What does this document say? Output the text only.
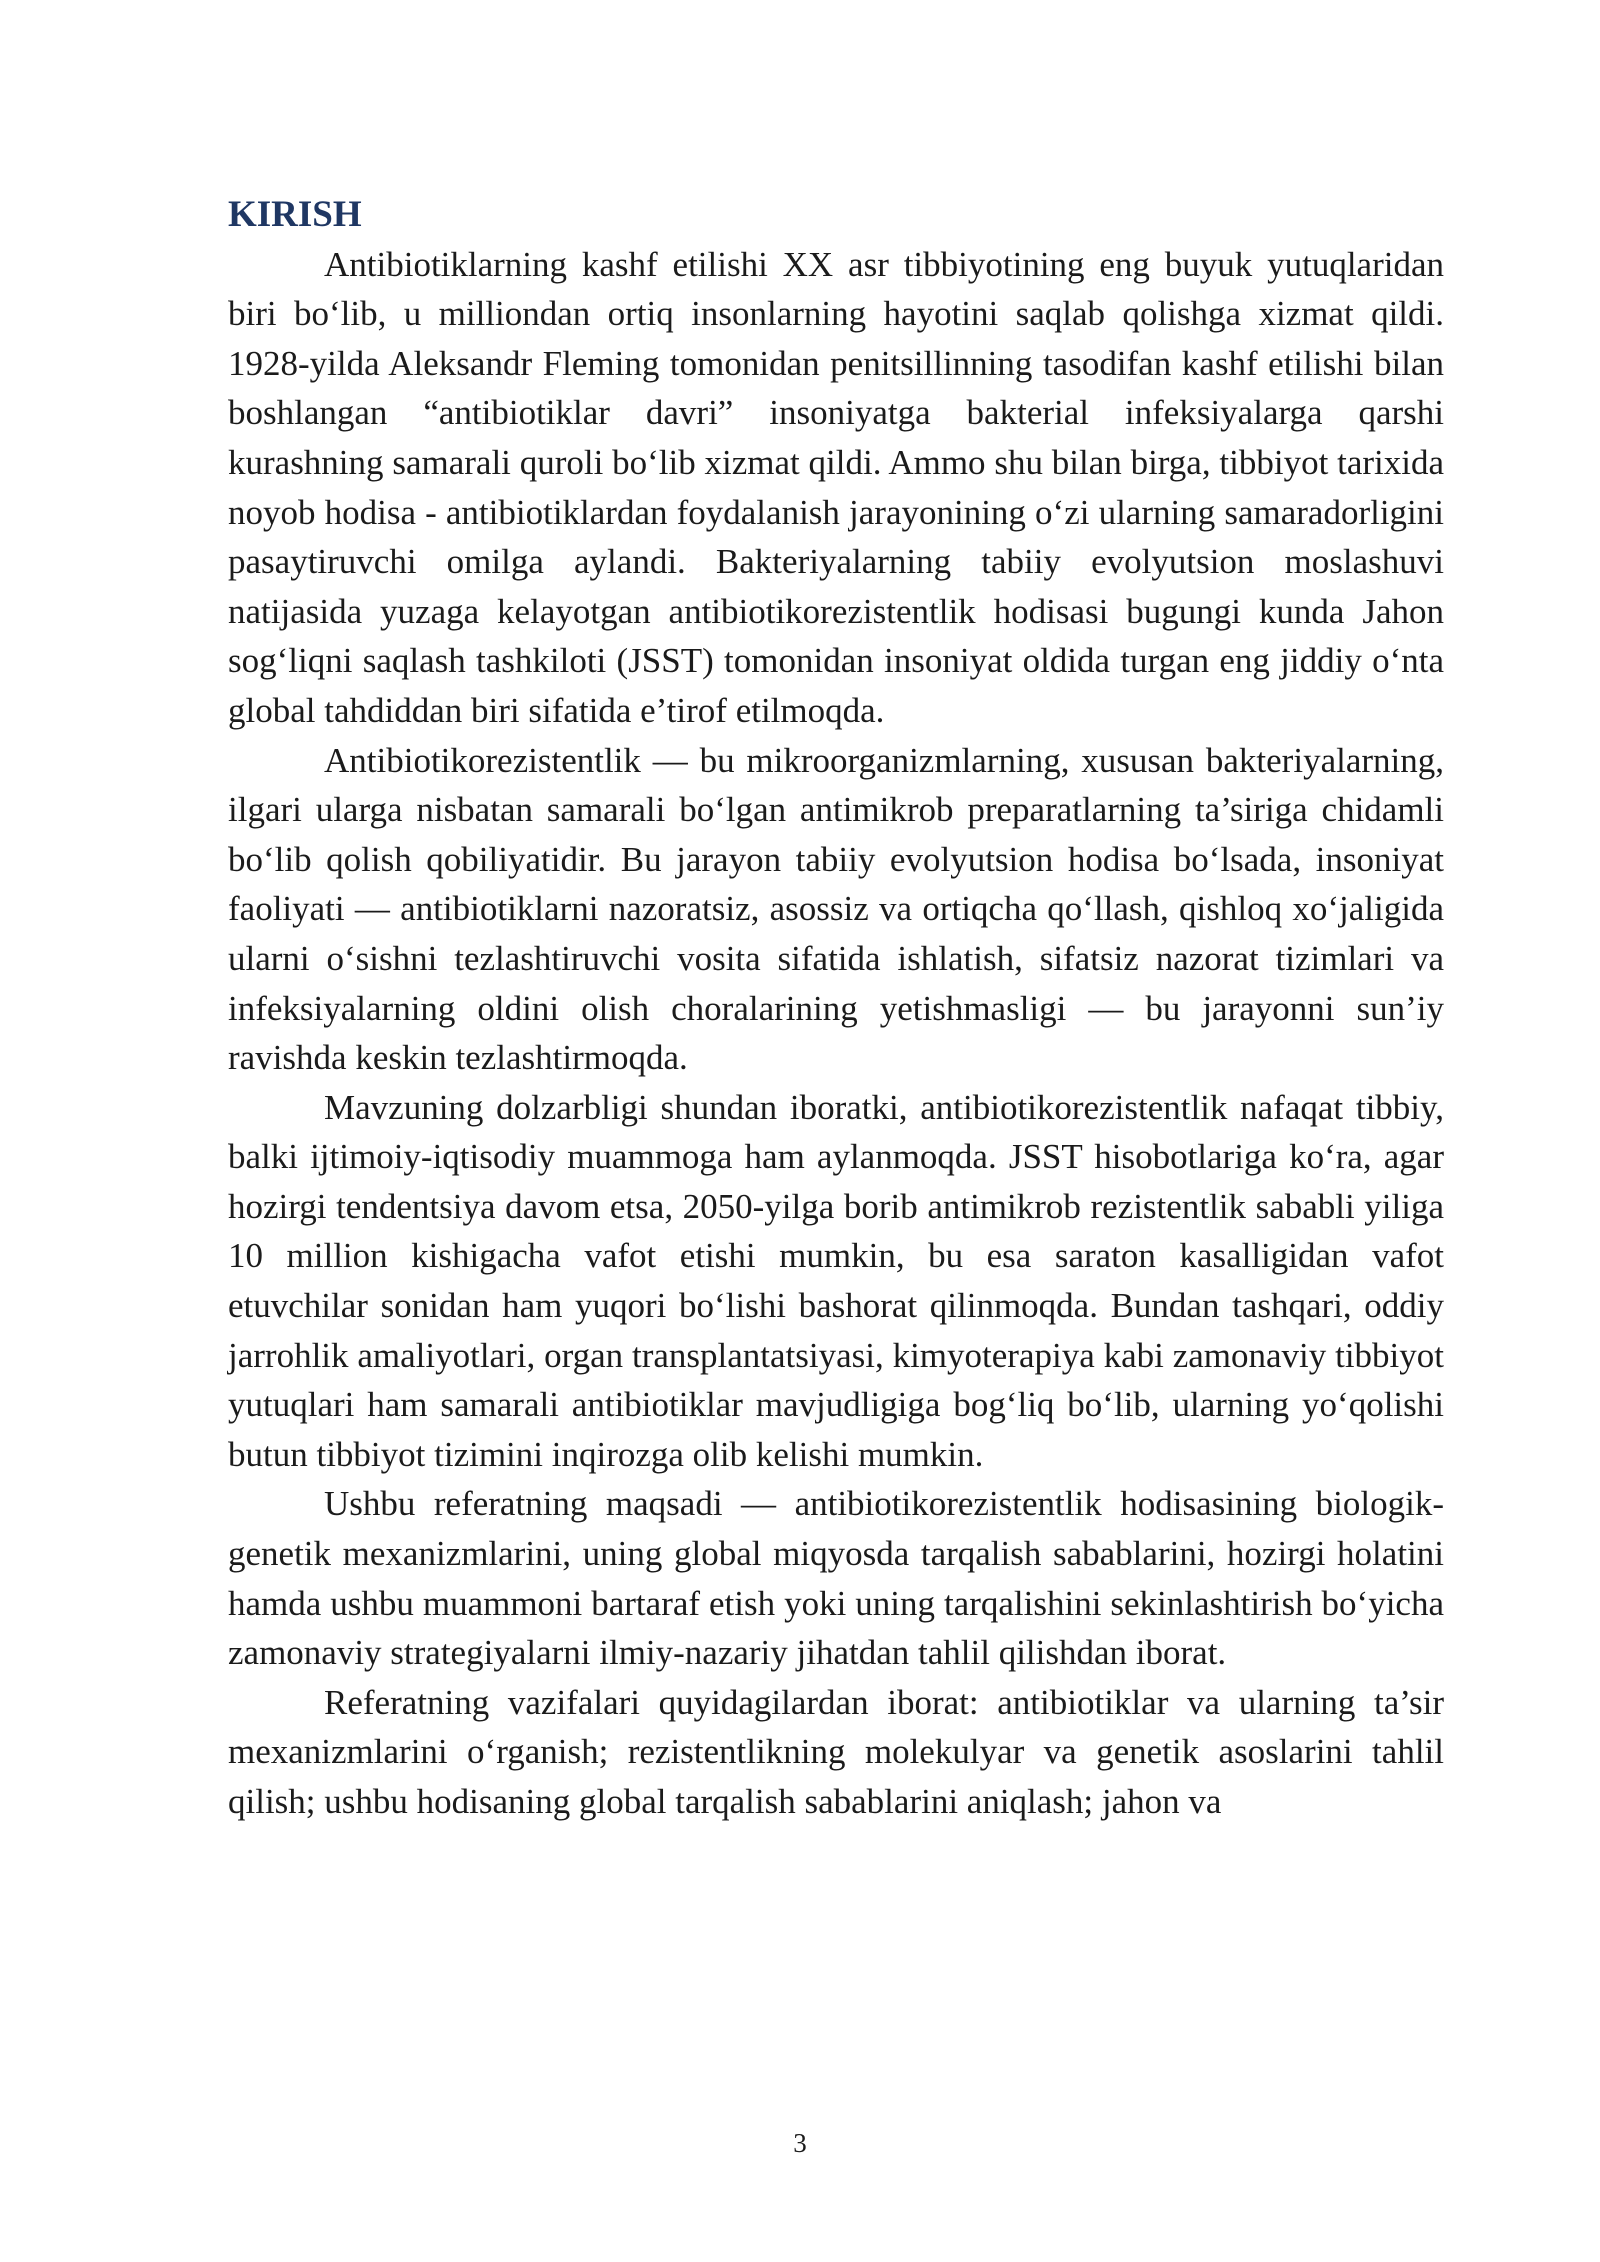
KIRISH

Antibiotiklarning kashf etilishi XX asr tibbiyotining eng buyuk yutuqlaridan biri bo‘lib, u milliondan ortiq insonlarning hayotini saqlab qolishga xizmat qildi. 1928-yilda Aleksandr Fleming tomonidan penitsillinning tasodifan kashf etilishi bilan boshlangan “antibiotiklar davri” insoniyatga bakterial infeksiyalarga qarshi kurashning samarali quroli bo‘lib xizmat qildi. Ammo shu bilan birga, tibbiyot tarixida noyob hodisa - antibiotiklardan foydalanish jarayonining o‘zi ularning samaradorligini pasaytiruvchi omilga aylandi. Bakteriyalarning tabiiy evolyutsion moslashuvi natijasida yuzaga kelayotgan antibiotikorezistentlik hodisasi bugungi kunda Jahon sog‘liqni saqlash tashkiloti (JSST) tomonidan insoniyat oldida turgan eng jiddiy o‘nta global tahdiddan biri sifatida e’tirof etilmoqda.

Antibiotikorezistentlik — bu mikroorganizmlarning, xususan bakteriyalarning, ilgari ularga nisbatan samarali bo‘lgan antimikrob preparatlarning ta’siriga chidamli bo‘lib qolish qobiliyatidir. Bu jarayon tabiiy evolyutsion hodisa bo‘lsada, insoniyat faoliyati — antibiotiklarni nazoratsiz, asossiz va ortiqcha qo‘llash, qishloq xo‘jaligida ularni o‘sishni tezlashtiruvchi vosita sifatida ishlatish, sifatsiz nazorat tizimlari va infeksiyalarning oldini olish choralarining yetishmasligi — bu jarayonni sun’iy ravishda keskin tezlashtirmoqda.

Mavzuning dolzarbligi shundan iboratki, antibiotikorezistentlik nafaqat tibbiy, balki ijtimoiy-iqtisodiy muammoga ham aylanmoqda. JSST hisobotlariga ko‘ra, agar hozirgi tendentsiya davom etsa, 2050-yilga borib antimikrob rezistentlik sababli yiliga 10 million kishigacha vafot etishi mumkin, bu esa saraton kasalligidan vafot etuvchilar sonidan ham yuqori bo‘lishi bashorat qilinmoqda. Bundan tashqari, oddiy jarrohlik amaliyotlari, organ transplantatsiyasi, kimyoterapiya kabi zamonaviy tibbiyot yutuqlari ham samarali antibiotiklar mavjudligiga bog‘liq bo‘lib, ularning yo‘qolishi butun tibbiyot tizimini inqirozga olib kelishi mumkin.

Ushbu referatning maqsadi — antibiotikorezistentlik hodisasining biologik-genetik mexanizmlarini, uning global miqyosda tarqalish sabablarini, hozirgi holatini hamda ushbu muammoni bartaraf etish yoki uning tarqalishini sekinlashtirish bo‘yicha zamonaviy strategiyalarni ilmiy-nazariy jihatdan tahlil qilishdan iborat.

Referatning vazifalari quyidagilardan iborat: antibiotiklar va ularning ta’sir mexanizmlarini o‘rganish; rezistentlikning molekulyar va genetik asoslarini tahlil qilish; ushbu hodisaning global tarqalish sabablarini aniqlash; jahon va

3
